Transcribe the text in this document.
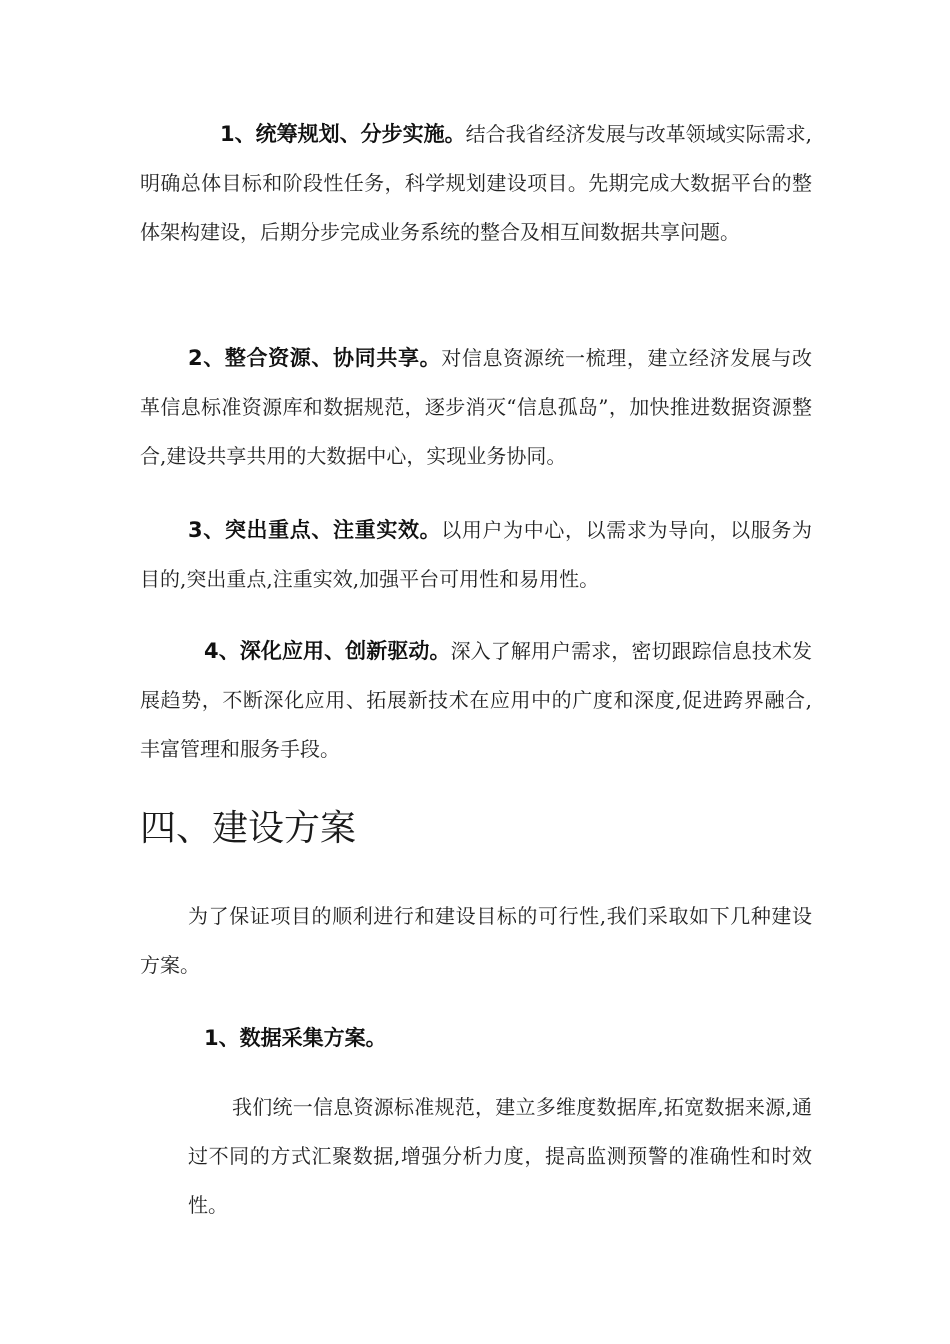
1、统筹规划、分步实施。结合我省经济发展与改革领域实际需求,明确总体目标和阶段性任务，科学规划建设项目。先期完成大数据平台的整体架构建设，后期分步完成业务系统的整合及相互间数据共享问题。

2、整合资源、协同共享。对信息资源统一梳理，建立经济发展与改革信息标准资源库和数据规范，逐步消灭“信息孤岛”，加快推进数据资源整合,建设共享共用的大数据中心，实现业务协同。

3、突出重点、注重实效。以用户为中心，以需求为导向，以服务为目的,突出重点,注重实效,加强平台可用性和易用性。

4、深化应用、创新驱动。深入了解用户需求，密切跟踪信息技术发展趋势，不断深化应用、拓展新技术在应用中的广度和深度,促进跨界融合,丰富管理和服务手段。

四、建设方案

为了保证项目的顺利进行和建设目标的可行性,我们采取如下几种建设方案。

1、数据采集方案。

我们统一信息资源标准规范，建立多维度数据库,拓宽数据来源,通过不同的方式汇聚数据,增强分析力度，提高监测预警的准确性和时效性。
